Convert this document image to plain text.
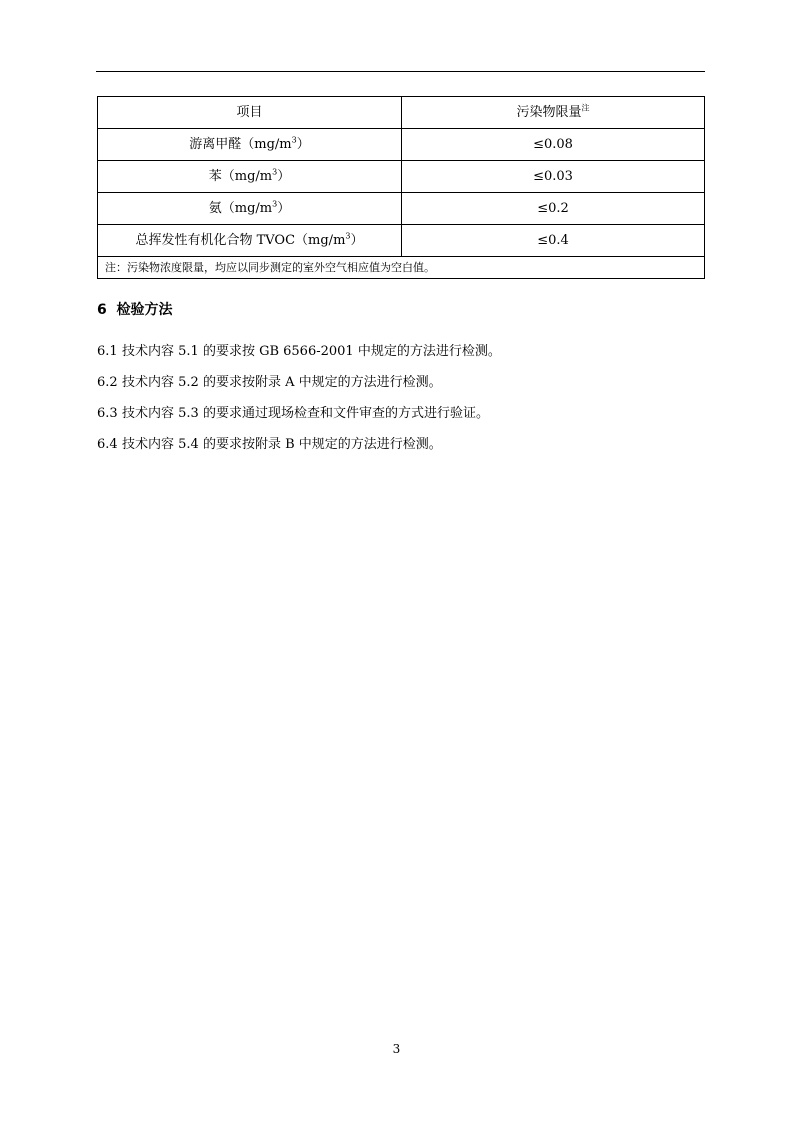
项目	污染物限量$^注$
游离甲醛$(mg/m^3)$	≤0.08
苯$(mg/m^3)$	≤0.03
氨$(mg/m^3)$	≤0.2
总挥发性有机化合物 $TVOC(mg/m^3)$	≤0.4
注：污染物浓度限量，均应以同步测定的室外空气相应值为空白值。	
6 检验方法
6.1 技术内容 5.1 的要求按 GB 6566-2001 中规定的方法进行检测。
6.2 技术内容 5.2 的要求按附录 A 中规定的方法进行检测。
6.3 技术内容 5.3 的要求通过现场检查和文件审查的方式进行验证。
6.4 技术内容 5.4 的要求按附录 B 中规定的方法进行检测。
3
